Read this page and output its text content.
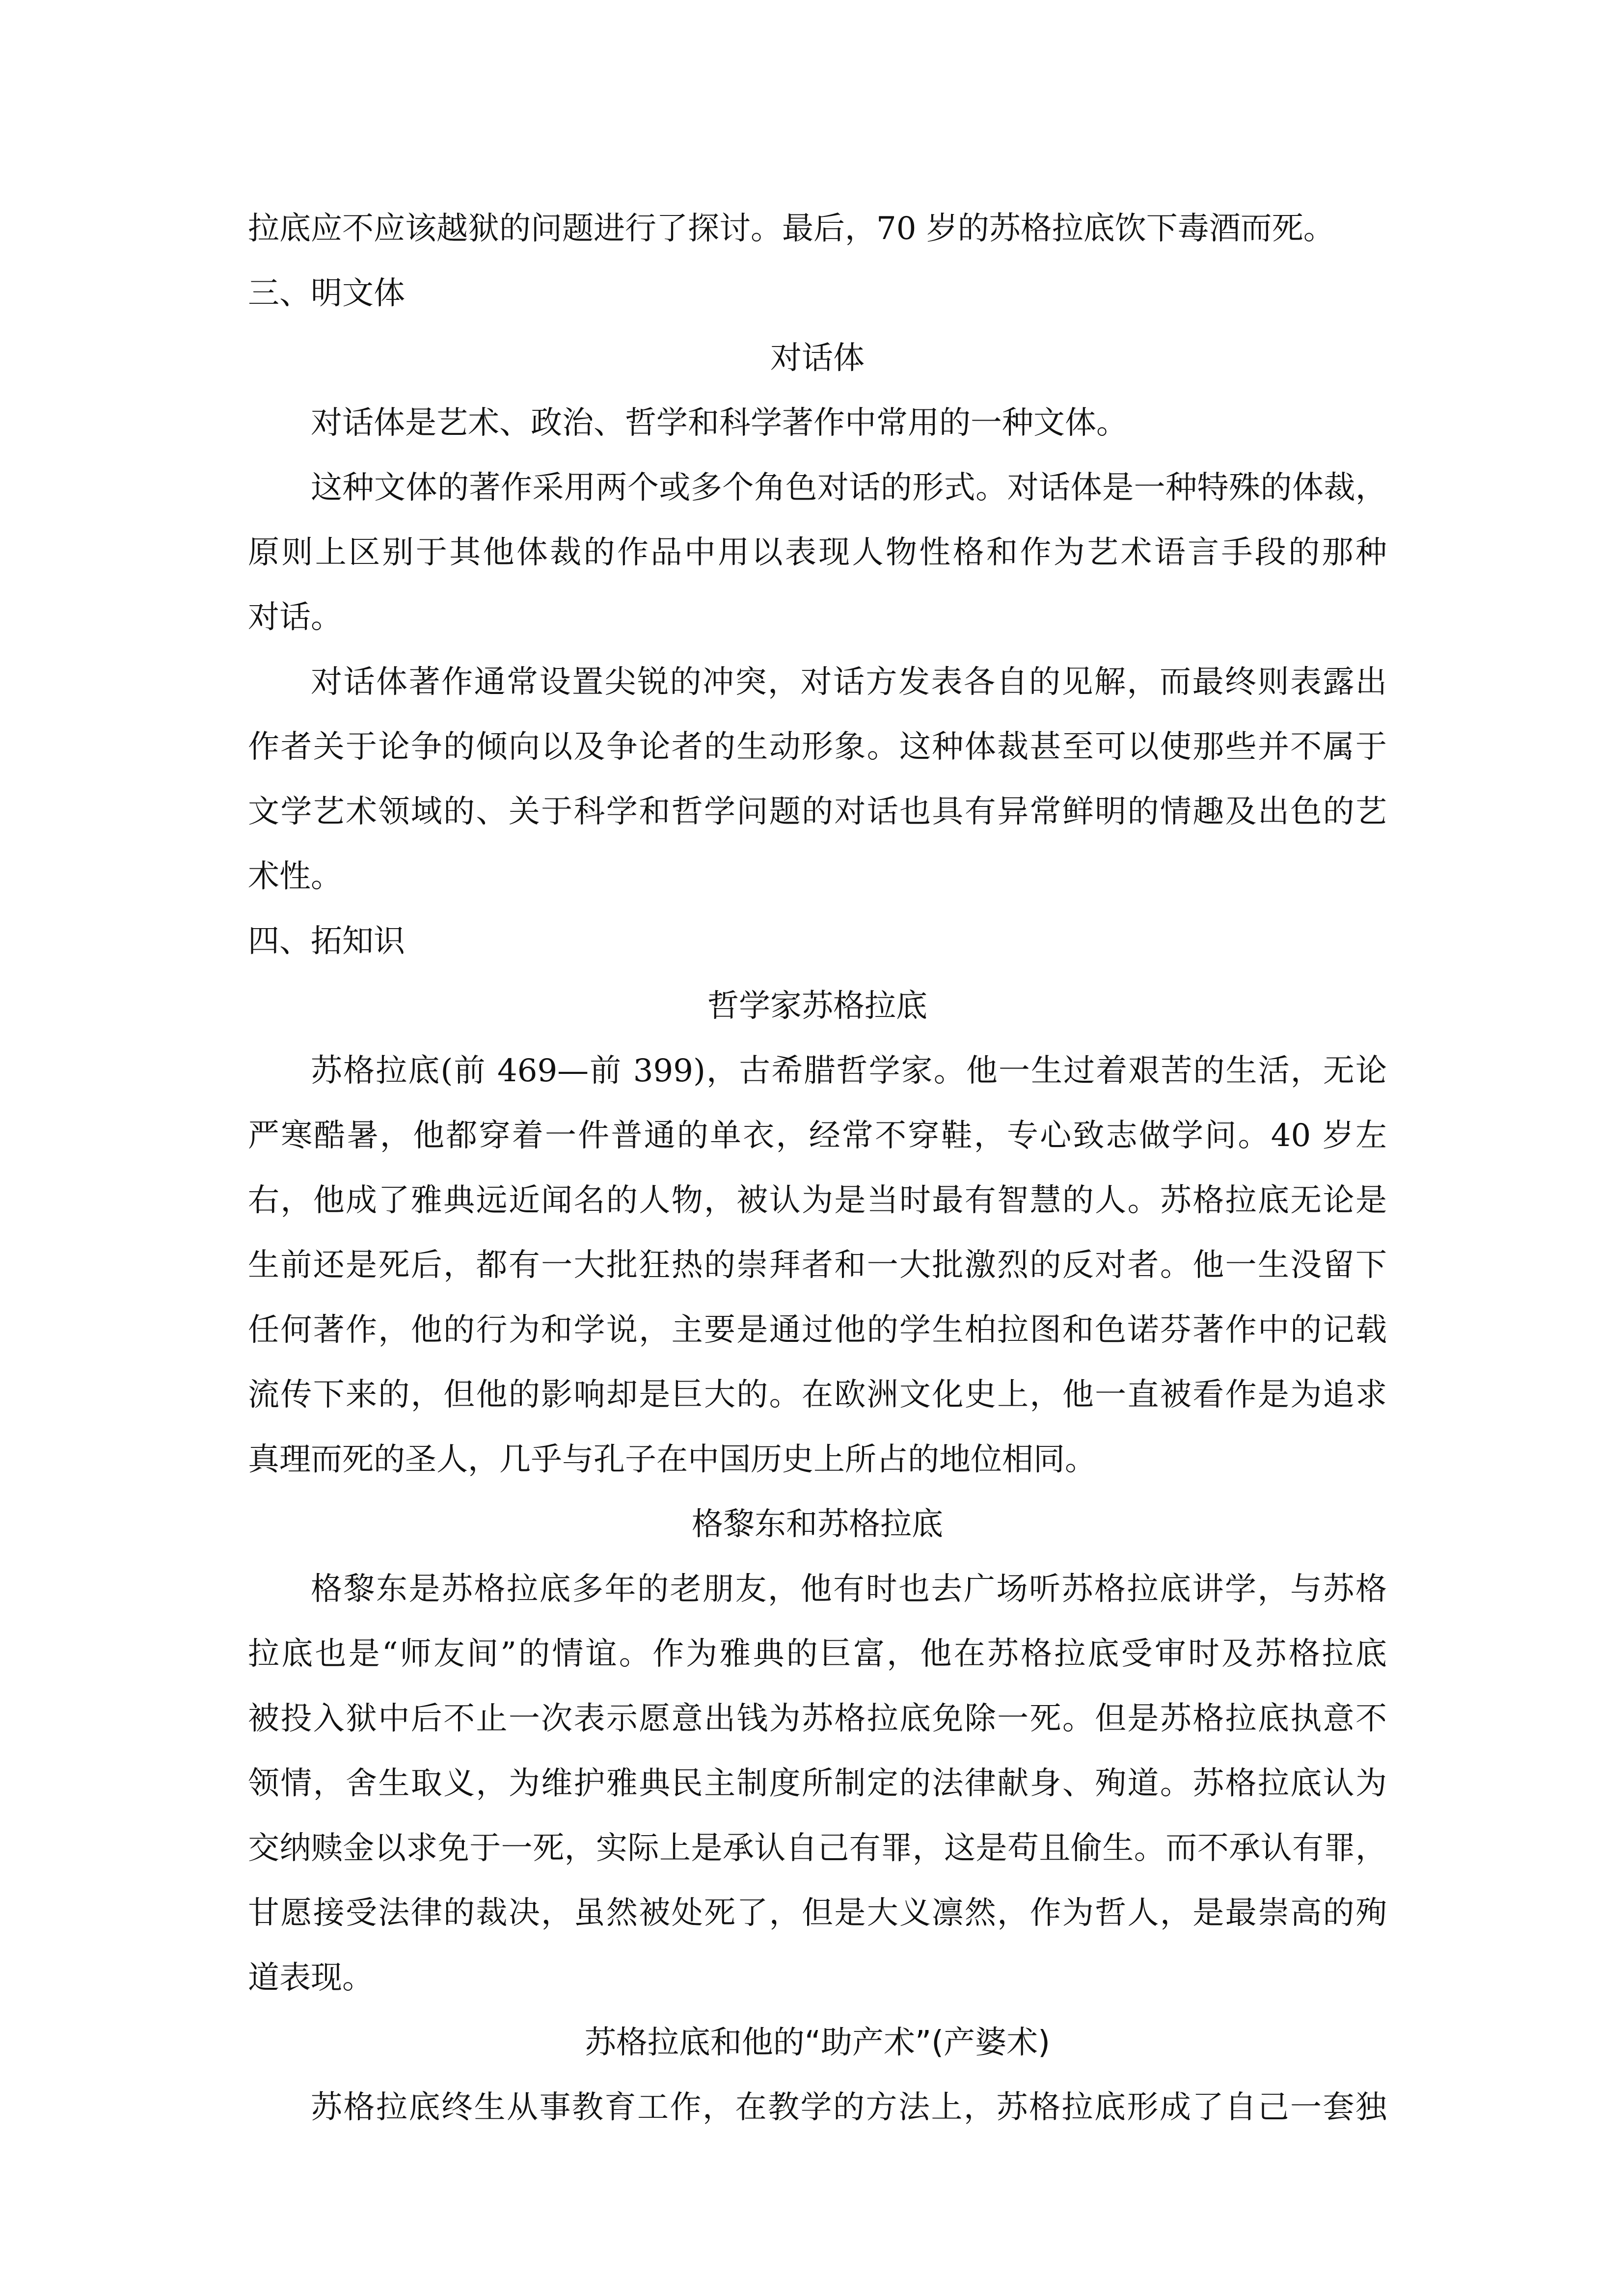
拉底应不应该越狱的问题进行了探讨。最后，70 岁的苏格拉底饮下毒酒而死。

三、明文体

对话体

对话体是艺术、政治、哲学和科学著作中常用的一种文体。

这种文体的著作采用两个或多个角色对话的形式。对话体是一种特殊的体裁，

原则上区别于其他体裁的作品中用以表现人物性格和作为艺术语言手段的那种

对话。

对话体著作通常设置尖锐的冲突，对话方发表各自的见解，而最终则表露出

作者关于论争的倾向以及争论者的生动形象。这种体裁甚至可以使那些并不属于

文学艺术领域的、关于科学和哲学问题的对话也具有异常鲜明的情趣及出色的艺

术性。

四、拓知识

哲学家苏格拉底

苏格拉底(前 469—前 399)，古希腊哲学家。他一生过着艰苦的生活，无论

严寒酷暑，他都穿着一件普通的单衣，经常不穿鞋，专心致志做学问。40 岁左

右，他成了雅典远近闻名的人物，被认为是当时最有智慧的人。苏格拉底无论是

生前还是死后，都有一大批狂热的崇拜者和一大批激烈的反对者。他一生没留下

任何著作，他的行为和学说，主要是通过他的学生柏拉图和色诺芬著作中的记载

流传下来的，但他的影响却是巨大的。在欧洲文化史上，他一直被看作是为追求

真理而死的圣人，几乎与孔子在中国历史上所占的地位相同。

格黎东和苏格拉底

格黎东是苏格拉底多年的老朋友，他有时也去广场听苏格拉底讲学，与苏格

拉底也是“师友间”的情谊。作为雅典的巨富，他在苏格拉底受审时及苏格拉底

被投入狱中后不止一次表示愿意出钱为苏格拉底免除一死。但是苏格拉底执意不

领情，舍生取义，为维护雅典民主制度所制定的法律献身、殉道。苏格拉底认为

交纳赎金以求免于一死，实际上是承认自己有罪，这是苟且偷生。而不承认有罪，

甘愿接受法律的裁决，虽然被处死了，但是大义凛然，作为哲人，是最崇高的殉

道表现。

苏格拉底和他的“助产术”(产婆术)

苏格拉底终生从事教育工作，在教学的方法上，苏格拉底形成了自己一套独
